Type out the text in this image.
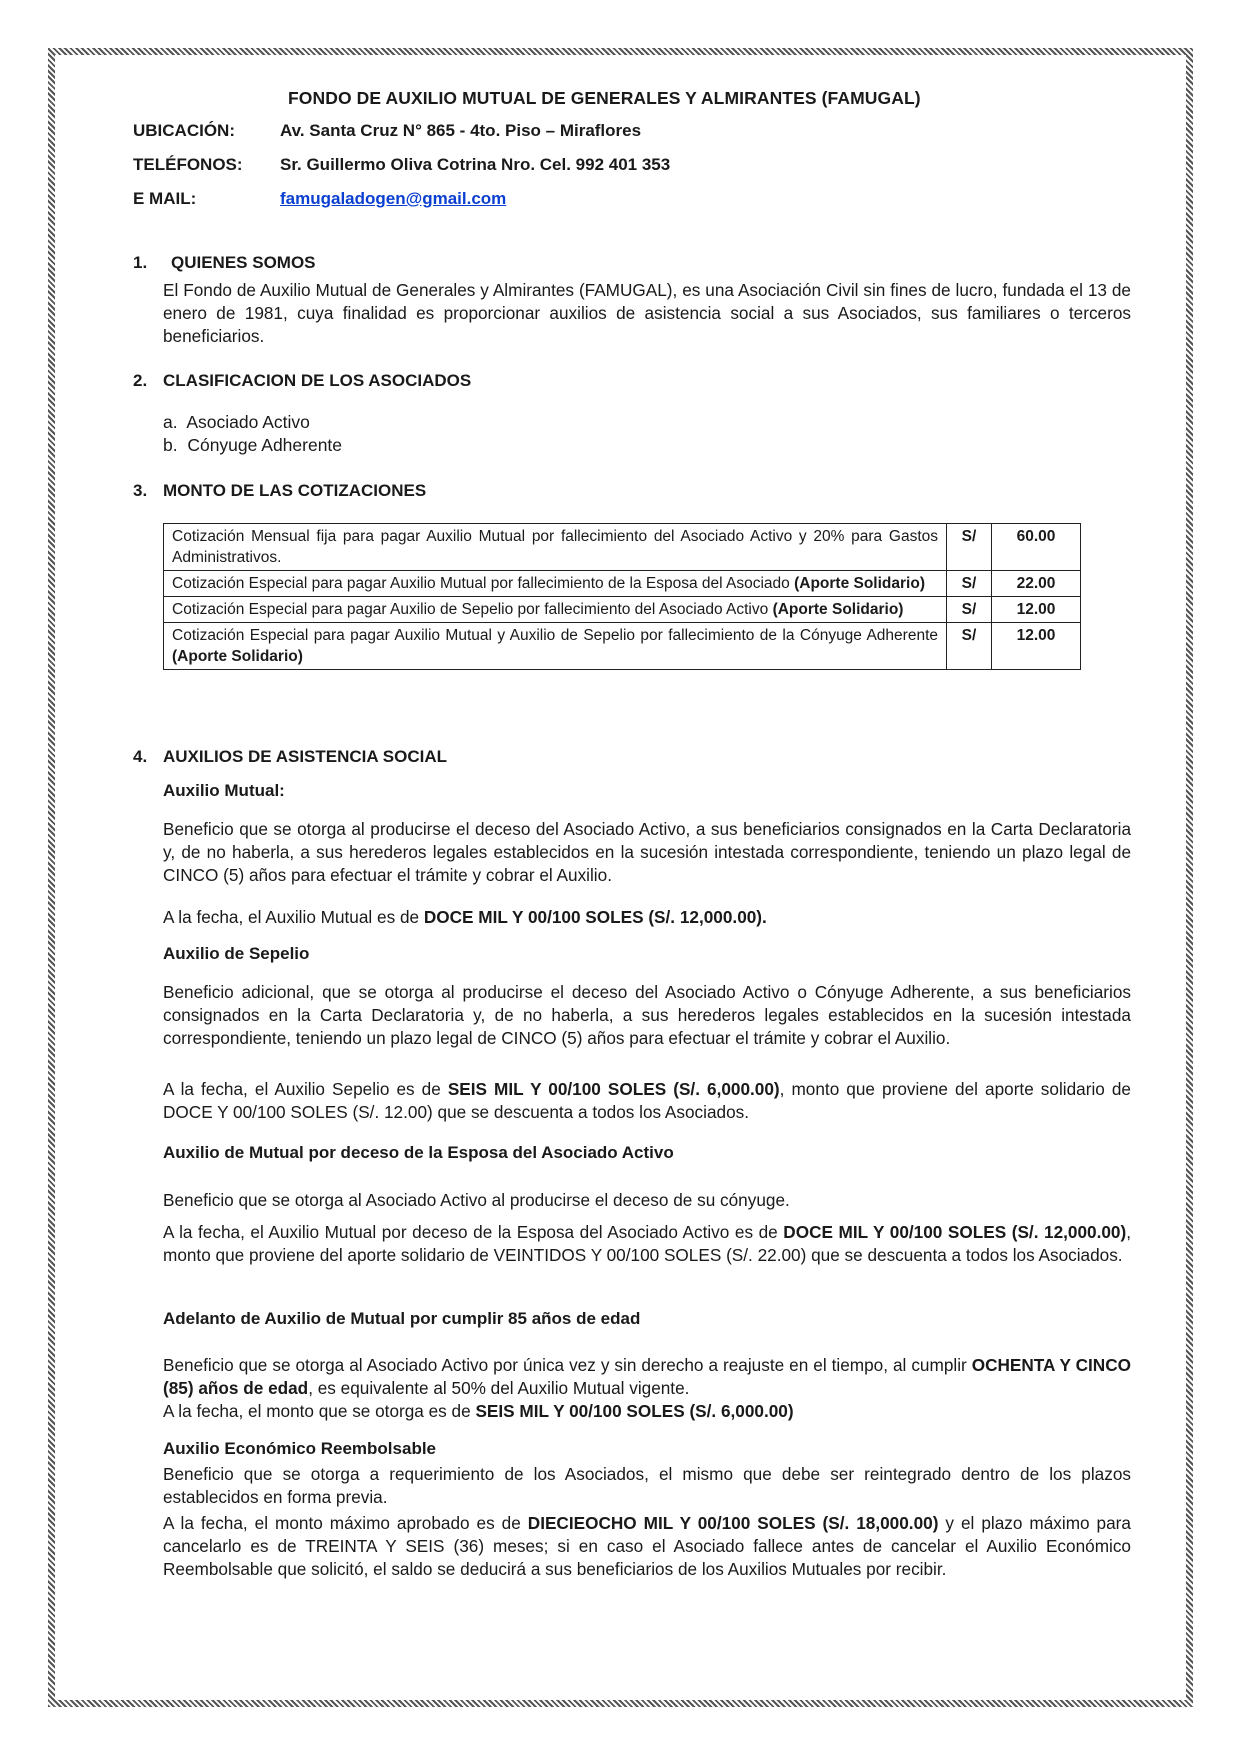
FONDO DE AUXILIO MUTUAL DE GENERALES Y ALMIRANTES (FAMUGAL)
UBICACIÓN:	Av. Santa Cruz N° 865 - 4to. Piso – Miraflores
TELÉFONOS: Sr. Guillermo Oliva Cotrina Nro. Cel. 992 401 353
E MAIL:	famugaladogen@gmail.com
1. QUIENES SOMOS
El Fondo de Auxilio Mutual de Generales y Almirantes (FAMUGAL), es una Asociación Civil sin fines de lucro, fundada el 13 de enero de 1981, cuya finalidad es proporcionar auxilios de asistencia social a sus Asociados, sus familiares o terceros beneficiarios.
2. CLASIFICACION DE LOS ASOCIADOS
a.  Asociado Activo
b.  Cónyuge Adherente
3. MONTO DE LAS COTIZACIONES
Cotización Mensual fija para pagar Auxilio Mutual por fallecimiento del Asociado Activo y 20% para Gastos Administrativos.	S/	60.00
Cotización Especial para pagar Auxilio Mutual por fallecimiento de la Esposa del Asociado (Aporte Solidario)	S/	22.00
Cotización Especial para pagar Auxilio de Sepelio por fallecimiento del Asociado Activo (Aporte Solidario)	S/	12.00
Cotización Especial para pagar Auxilio Mutual y Auxilio de Sepelio por fallecimiento de la Cónyuge Adherente (Aporte Solidario)	S/	12.00
4. AUXILIOS DE ASISTENCIA SOCIAL
Auxilio Mutual:
Beneficio que se otorga al producirse el deceso del Asociado Activo, a sus beneficiarios consignados en la Carta Declaratoria y, de no haberla, a sus herederos legales establecidos en la sucesión intestada correspondiente, teniendo un plazo legal de CINCO (5) años para efectuar el trámite y cobrar el Auxilio.
A la fecha, el Auxilio Mutual es de DOCE MIL Y 00/100 SOLES (S/. 12,000.00).
Auxilio de Sepelio
Beneficio adicional, que se otorga al producirse el deceso del Asociado Activo o Cónyuge Adherente, a sus beneficiarios consignados en la Carta Declaratoria y, de no haberla, a sus herederos legales establecidos en la sucesión intestada correspondiente, teniendo un plazo legal de CINCO (5) años para efectuar el trámite y cobrar el Auxilio.
A la fecha, el Auxilio Sepelio es de SEIS MIL Y 00/100 SOLES (S/. 6,000.00), monto que proviene del aporte solidario de DOCE Y 00/100 SOLES (S/. 12.00) que se descuenta a todos los Asociados.
Auxilio de Mutual por deceso de la Esposa del Asociado Activo
Beneficio que se otorga al Asociado Activo al producirse el deceso de su cónyuge.
A la fecha, el Auxilio Mutual por deceso de la Esposa del Asociado Activo es de DOCE MIL Y 00/100 SOLES (S/. 12,000.00), monto que proviene del aporte solidario de VEINTIDOS Y 00/100 SOLES (S/. 22.00) que se descuenta a todos los Asociados.
Adelanto de Auxilio de Mutual por cumplir 85 años de edad
Beneficio que se otorga al Asociado Activo por única vez y sin derecho a reajuste en el tiempo, al cumplir OCHENTA Y CINCO (85) años de edad, es equivalente al 50% del Auxilio Mutual vigente.
A la fecha, el monto que se otorga es de SEIS MIL Y 00/100 SOLES (S/. 6,000.00)
Auxilio Económico Reembolsable
Beneficio que se otorga a requerimiento de los Asociados, el mismo que debe ser reintegrado dentro de los plazos establecidos en forma previa.
A la fecha, el monto máximo aprobado es de DIECIEOCHO MIL Y 00/100 SOLES (S/. 18,000.00) y el plazo máximo para cancelarlo es de TREINTA Y SEIS (36) meses; si en caso el Asociado fallece antes de cancelar el Auxilio Económico Reembolsable que solicitó, el saldo se deducirá a sus beneficiarios de los Auxilios Mutuales por recibir.
